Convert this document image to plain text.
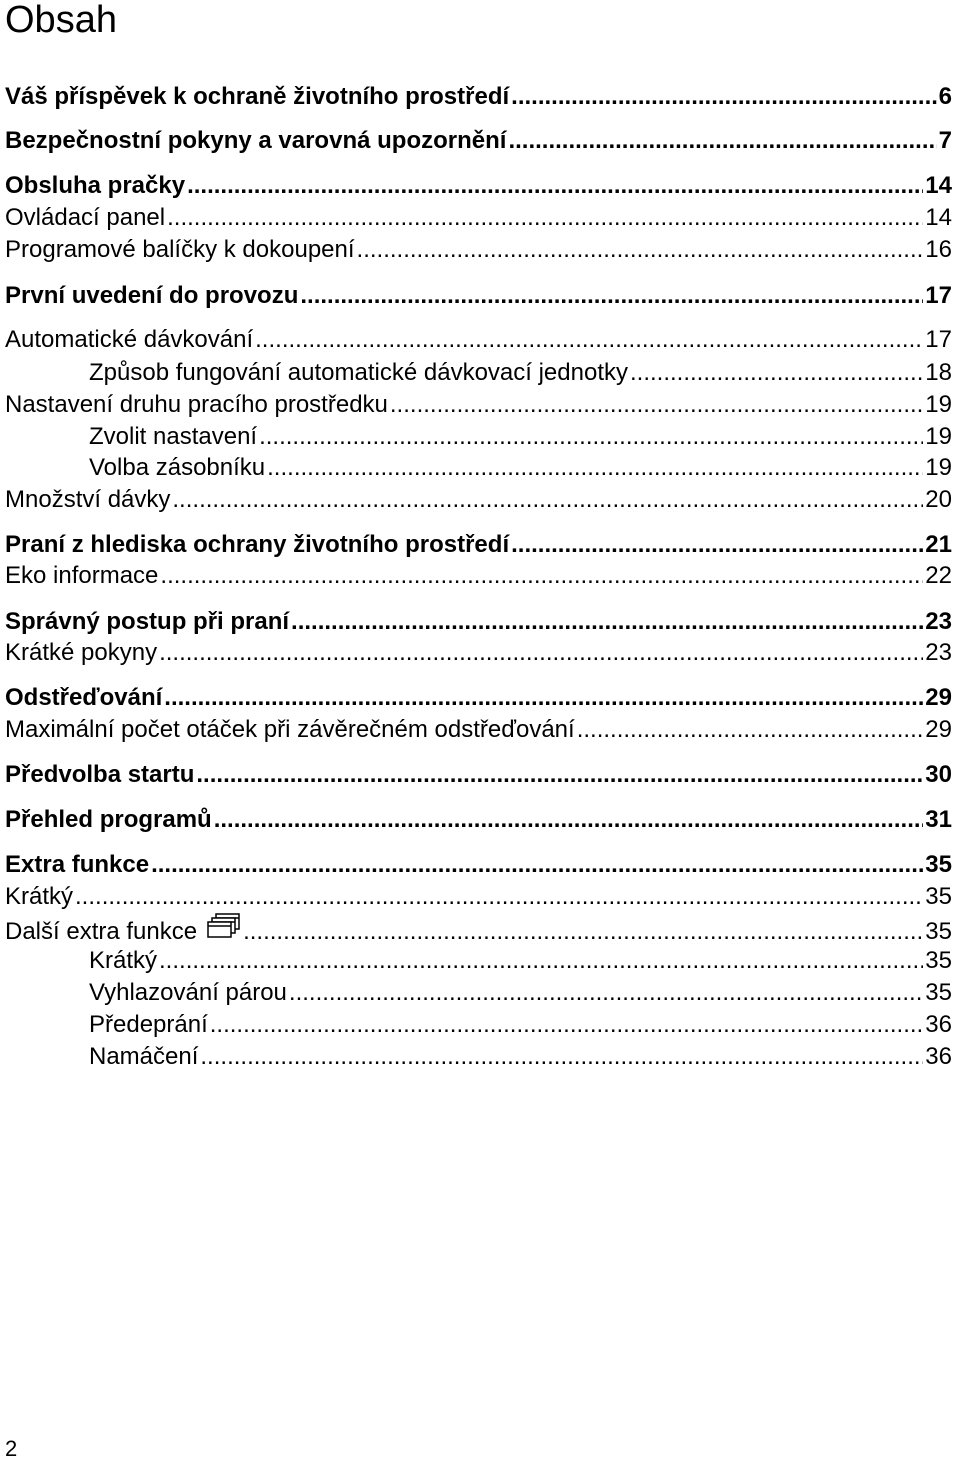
Obsah
Váš příspěvek k ochraně životního prostředí .....	6
Bezpečnostní pokyny a varovná upozornění .....	7
Obsluha pračky .....	14
Ovládací panel .....	14
Programové balíčky k dokoupení .....	16
První uvedení do provozu .....	17
Automatické dávkování .....	17
Způsob fungování automatické dávkovací jednotky .....	18
Nastavení druhu pracího prostředku .....	19
Zvolit nastavení .....	19
Volba zásobníku .....	19
Množství dávky .....	20
Praní z hlediska ochrany životního prostředí .....	21
Eko informace .....	22
Správný postup při praní .....	23
Krátké pokyny .....	23
Odstřeďování .....	29
Maximální počet otáček při závěrečném odstřeďování .....	29
Předvolba startu .....	30
Přehled programů .....	31
Extra funkce .....	35
Krátký .....	35
Další extra funkce .....	35
Krátký .....	35
Vyhlazování párou .....	35
Předeprání .....	36
Namáčení .....	36
2
